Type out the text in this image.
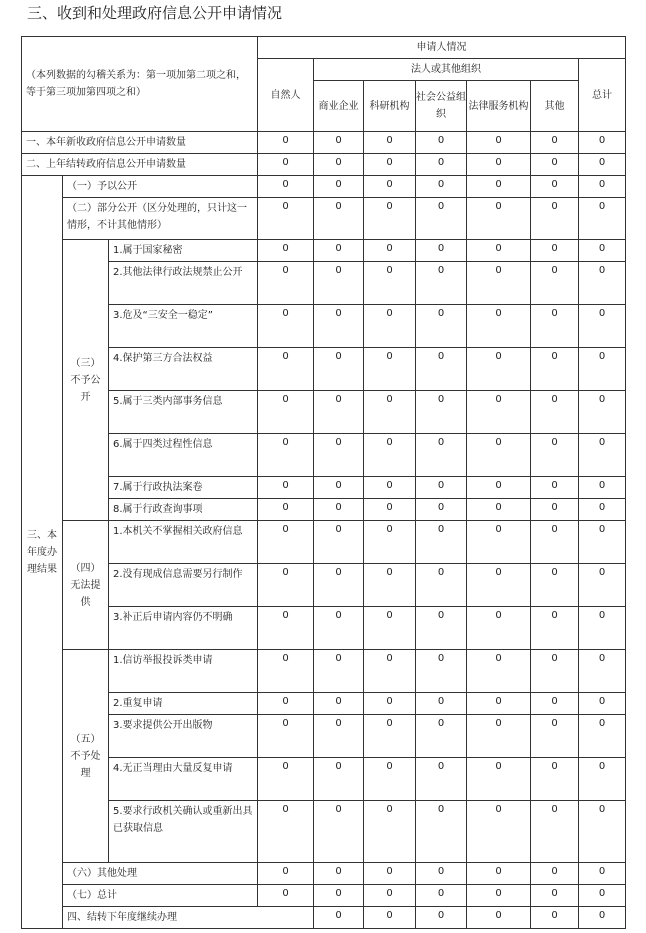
三、收到和处理政府信息公开申请情况
（本列数据的勾稽关系为：第一项加第二项之和，等于第三项加第四项之和）			申请人情况							
			自然人	法人或其他组织					总计	
				商业企业	科研机构	社会公益组织	法律服务机构	其他		
一、本年新收政府信息公开申请数量			0	0	0	0	0	0	0	
二、上年结转政府信息公开申请数量			0	0	0	0	0	0	0	
三、本年度办理结果	（一）予以公开		0	0	0	0	0	0	0	
	（二）部分公开（区分处理的，只计这一情形，不计其他情形）		0	0	0	0	0	0	0	
	（三）不予公开	1.属于国家秘密	0	0	0	0	0	0	0	
		2.其他法律行政法规禁止公开	0	0	0	0	0	0	0	
		3.危及“三安全一稳定”	0	0	0	0	0	0	0	
		4.保护第三方合法权益	0	0	0	0	0	0	0	
		5.属于三类内部事务信息	0	0	0	0	0	0	0	
		6.属于四类过程性信息	0	0	0	0	0	0	0	
		7.属于行政执法案卷	0	0	0	0	0	0	0	
		8.属于行政查询事项	0	0	0	0	0	0	0	
	（四）无法提供	1.本机关不掌握相关政府信息	0	0	0	0	0	0	0	
		2.没有现成信息需要另行制作	0	0	0	0	0	0	0	
		3.补正后申请内容仍不明确	0	0	0	0	0	0	0	
	（五）不予处理	1.信访举报投诉类申请	0	0	0	0	0	0	0	
		2.重复申请	0	0	0	0	0	0	0	
		3.要求提供公开出版物	0	0	0	0	0	0	0	
		4.无正当理由大量反复申请	0	0	0	0	0	0	0	
		5.要求行政机关确认或重新出具已获取信息	0	0	0	0	0	0	0	
	（六）其他处理		0	0	0	0	0	0	0	
	（七）总计		0	0	0	0	0	0	0	
	四、结转下年度继续办理			0	0	0	0	0	0	
